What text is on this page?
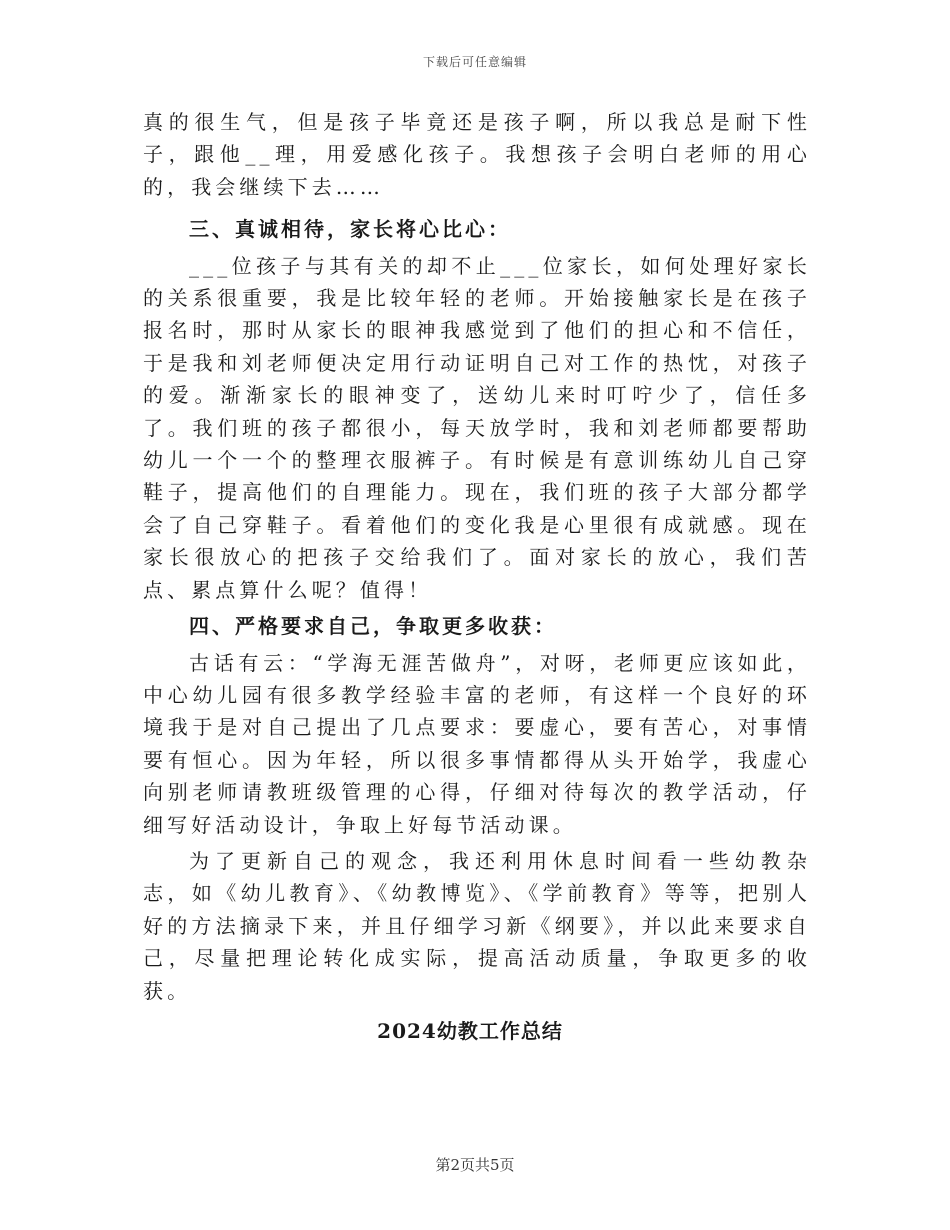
下载后可任意编辑

真的很生气，但是孩子毕竟还是孩子啊，所以我总是耐下性子，跟他__理，用爱感化孩子。我想孩子会明白老师的用心的，我会继续下去……

三、真诚相待，家长将心比心：

___位孩子与其有关的却不止___位家长，如何处理好家长的关系很重要，我是比较年轻的老师。开始接触家长是在孩子报名时，那时从家长的眼神我感觉到了他们的担心和不信任，于是我和刘老师便决定用行动证明自己对工作的热忱，对孩子的爱。渐渐家长的眼神变了，送幼儿来时叮咛少了，信任多了。我们班的孩子都很小，每天放学时，我和刘老师都要帮助幼儿一个一个的整理衣服裤子。有时候是有意训练幼儿自己穿鞋子，提高他们的自理能力。现在，我们班的孩子大部分都学会了自己穿鞋子。看着他们的变化我是心里很有成就感。现在家长很放心的把孩子交给我们了。面对家长的放心，我们苦点、累点算什么呢？值得！

四、严格要求自己，争取更多收获：

古话有云：“学海无涯苦做舟”，对呀，老师更应该如此，中心幼儿园有很多教学经验丰富的老师，有这样一个良好的环境我于是对自己提出了几点要求：要虚心，要有苦心，对事情要有恒心。因为年轻，所以很多事情都得从头开始学，我虚心向别老师请教班级管理的心得，仔细对待每次的教学活动，仔细写好活动设计，争取上好每节活动课。

为了更新自己的观念，我还利用休息时间看一些幼教杂志，如《幼儿教育》、《幼教博览》、《学前教育》等等，把别人好的方法摘录下来，并且仔细学习新《纲要》，并以此来要求自己，尽量把理论转化成实际，提高活动质量，争取更多的收获。

2024幼教工作总结

第2页共5页
